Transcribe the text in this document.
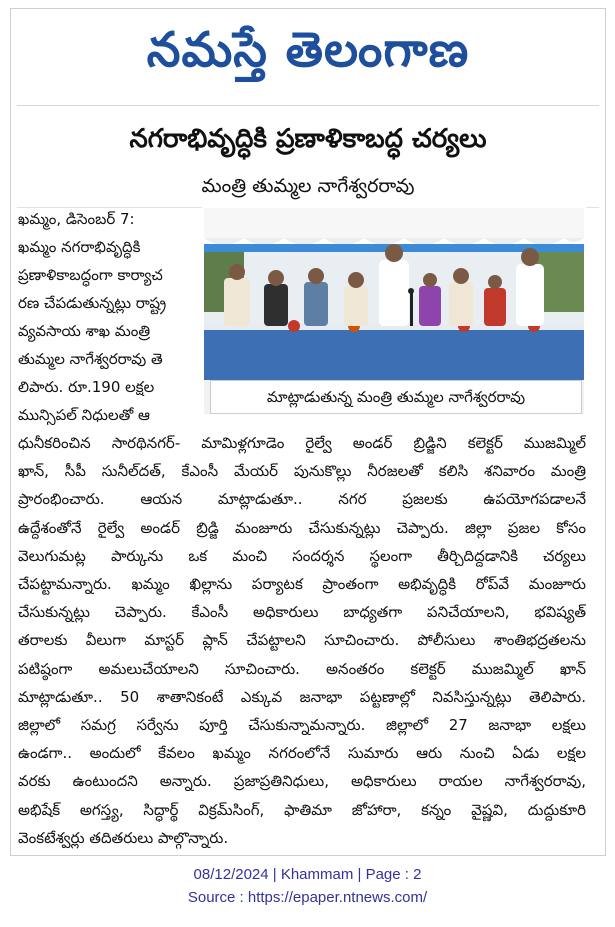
నమస్తే తెలంగాణ
నగరాభివృద్ధికి ప్రణాళికాబద్ధ చర్యలు
మంత్రి తుమ్మల నాగేశ్వరరావు
ఖమ్మం, డిసెంబర్ 7:
ఖమ్మం నగరాభివృద్ధికి
ప్రణాళికాబద్ధంగా కార్యాచ
రణ చేపడుతున్నట్లు రాష్ట్ర
వ్యవసాయ శాఖ మంత్రి
తుమ్మల నాగేశ్వరరావు తె
లిపారు. రూ.190 లక్షల
మున్సిపల్ నిధులతో ఆ
మాట్లాడుతున్న మంత్రి తుమ్మల నాగేశ్వరరావు
ధునీకరించిన సారథినగర్- మామిళ్లగూడెం రైల్వే అండర్ బ్రిడ్జిని కలెక్టర్ ముజమ్మిల్
ఖాన్, సీపీ సునీల్‌దత్, కేఎంసీ మేయర్ పునుకొల్లు నీరజలతో కలిసి శనివారం మంత్రి
ప్రారంభించారు. ఆయన మాట్లాడుతూ.. నగర ప్రజలకు ఉపయోగపడాలనే
ఉద్దేశంతోనే రైల్వే అండర్ బ్రిడ్జి మంజూరు చేసుకున్నట్లు చెప్పారు. జిల్లా ప్రజల కోసం
వెలుగుమట్ల పార్కును ఒక మంచి సందర్శన స్థలంగా తీర్చిదిద్దడానికి చర్యలు
చేపట్టామన్నారు. ఖమ్మం ఖిల్లాను పర్యాటక ప్రాంతంగా అభివృద్ధికి రోప్‌వే మంజూరు
చేసుకున్నట్లు చెప్పారు. కేఎంసీ అధికారులు బాధ్యతగా పనిచేయాలని, భవిష్యత్
తరాలకు వీలుగా మాస్టర్ ప్లాన్ చేపట్టాలని సూచించారు. పోలీసులు శాంతిభద్రతలను
పటిష్ఠంగా అమలుచేయాలని సూచించారు. అనంతరం కలెక్టర్ ముజమ్మిల్ ఖాన్
మాట్లాడుతూ.. 50 శాతానికంటే ఎక్కువ జనాభా పట్టణాల్లో నివసిస్తున్నట్లు తెలిపారు.
జిల్లాలో సమగ్ర సర్వేను పూర్తి చేసుకున్నామన్నారు. జిల్లాలో 27 జనాభా లక్షలు
ఉండగా.. అందులో కేవలం ఖమ్మం నగరంలోనే సుమారు ఆరు నుంచి ఏడు లక్షల
వరకు ఉంటుందని అన్నారు. ప్రజాప్రతినిధులు, అధికారులు రాయల నాగేశ్వరరావు,
అభిషేక్ అగస్త్య, సిద్ధార్థ్ విక్రమ్‌సింగ్, ఫాతిమా జోహారా, కన్నం వైష్ణవి, దుద్దుకూరి
వెంకటేశ్వర్లు తదితరులు పాల్గొన్నారు.
08/12/2024 | Khammam | Page : 2
Source : https://epaper.ntnews.com/
